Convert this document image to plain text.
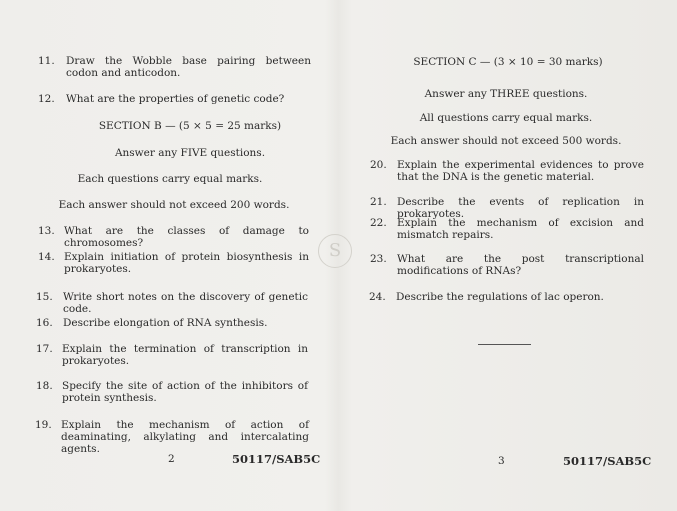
11. Draw the Wobble base pairing between codon and anticodon.
12. What are the properties of genetic code?
SECTION B — (5 × 5 = 25 marks)
Answer any FIVE questions.
Each questions carry equal marks.
Each answer should not exceed 200 words.
13. What are the classes of damage to chromosomes?
14. Explain initiation of protein biosynthesis in prokaryotes.
15. Write short notes on the discovery of genetic code.
16. Describe elongation of RNA synthesis.
17. Explain the termination of transcription in prokaryotes.
18. Specify the site of action of the inhibitors of protein synthesis.
19. Explain the mechanism of action of deaminating, alkylating and intercalating agents.
2	50117/SAB5C
S
SECTION C — (3 × 10 = 30 marks)
Answer any THREE questions.
All questions carry equal marks.
Each answer should not exceed 500 words.
20. Explain the experimental evidences to prove that the DNA is the genetic material.
21. Describe the events of replication in prokaryotes.
22. Explain the mechanism of excision and mismatch repairs.
23. What are the post transcriptional modifications of RNAs?
24. Describe the regulations of lac operon.
3	50117/SAB5C
